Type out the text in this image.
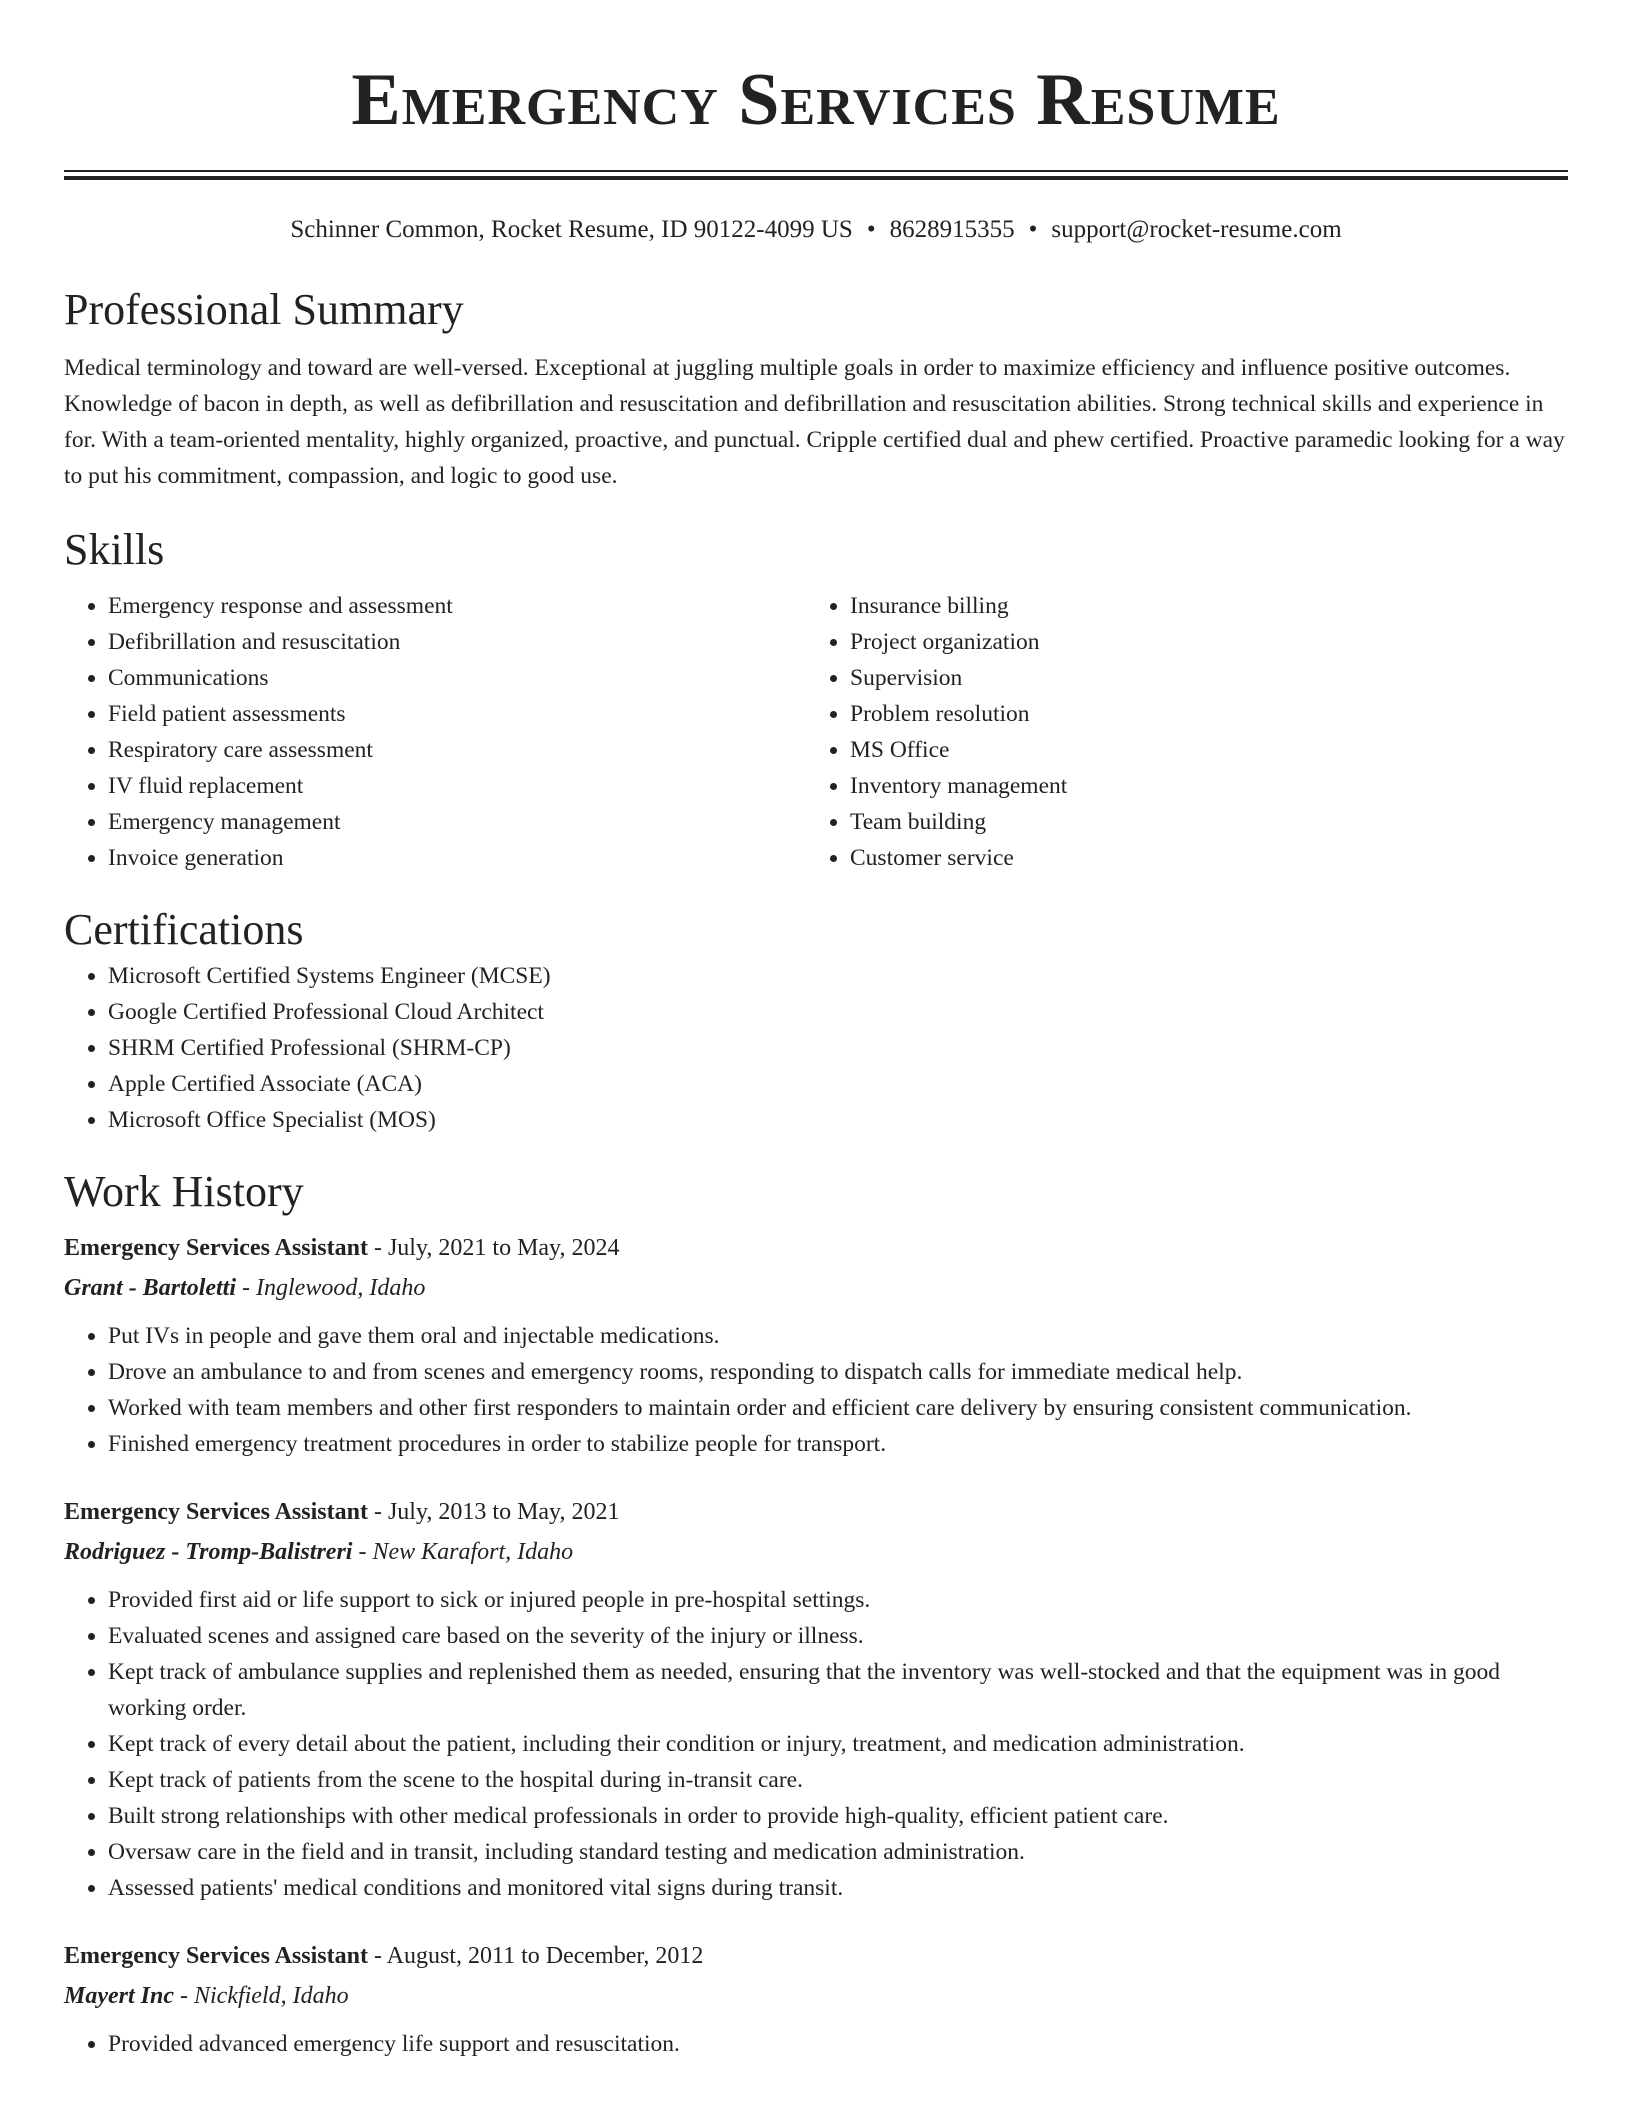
Emergency Services Resume
Schinner Common, Rocket Resume, ID 90122-4099 US • 8628915355 • support@rocket-resume.com
Professional Summary
Medical terminology and toward are well-versed. Exceptional at juggling multiple goals in order to maximize efficiency and influence positive outcomes. Knowledge of bacon in depth, as well as defibrillation and resuscitation and defibrillation and resuscitation abilities. Strong technical skills and experience in for. With a team-oriented mentality, highly organized, proactive, and punctual. Cripple certified dual and phew certified. Proactive paramedic looking for a way to put his commitment, compassion, and logic to good use.
Skills
• Emergency response and assessment
• Defibrillation and resuscitation
• Communications
• Field patient assessments
• Respiratory care assessment
• IV fluid replacement
• Emergency management
• Invoice generation
• Insurance billing
• Project organization
• Supervision
• Problem resolution
• MS Office
• Inventory management
• Team building
• Customer service
Certifications
• Microsoft Certified Systems Engineer (MCSE)
• Google Certified Professional Cloud Architect
• SHRM Certified Professional (SHRM-CP)
• Apple Certified Associate (ACA)
• Microsoft Office Specialist (MOS)
Work History
Emergency Services Assistant - July, 2021 to May, 2024
Grant - Bartoletti - Inglewood, Idaho
• Put IVs in people and gave them oral and injectable medications.
• Drove an ambulance to and from scenes and emergency rooms, responding to dispatch calls for immediate medical help.
• Worked with team members and other first responders to maintain order and efficient care delivery by ensuring consistent communication.
• Finished emergency treatment procedures in order to stabilize people for transport.
Emergency Services Assistant - July, 2013 to May, 2021
Rodriguez - Tromp-Balistreri - New Karafort, Idaho
• Provided first aid or life support to sick or injured people in pre-hospital settings.
• Evaluated scenes and assigned care based on the severity of the injury or illness.
• Kept track of ambulance supplies and replenished them as needed, ensuring that the inventory was well-stocked and that the equipment was in good working order.
• Kept track of every detail about the patient, including their condition or injury, treatment, and medication administration.
• Kept track of patients from the scene to the hospital during in-transit care.
• Built strong relationships with other medical professionals in order to provide high-quality, efficient patient care.
• Oversaw care in the field and in transit, including standard testing and medication administration.
• Assessed patients' medical conditions and monitored vital signs during transit.
Emergency Services Assistant - August, 2011 to December, 2012
Mayert Inc - Nickfield, Idaho
• Provided advanced emergency life support and resuscitation.
